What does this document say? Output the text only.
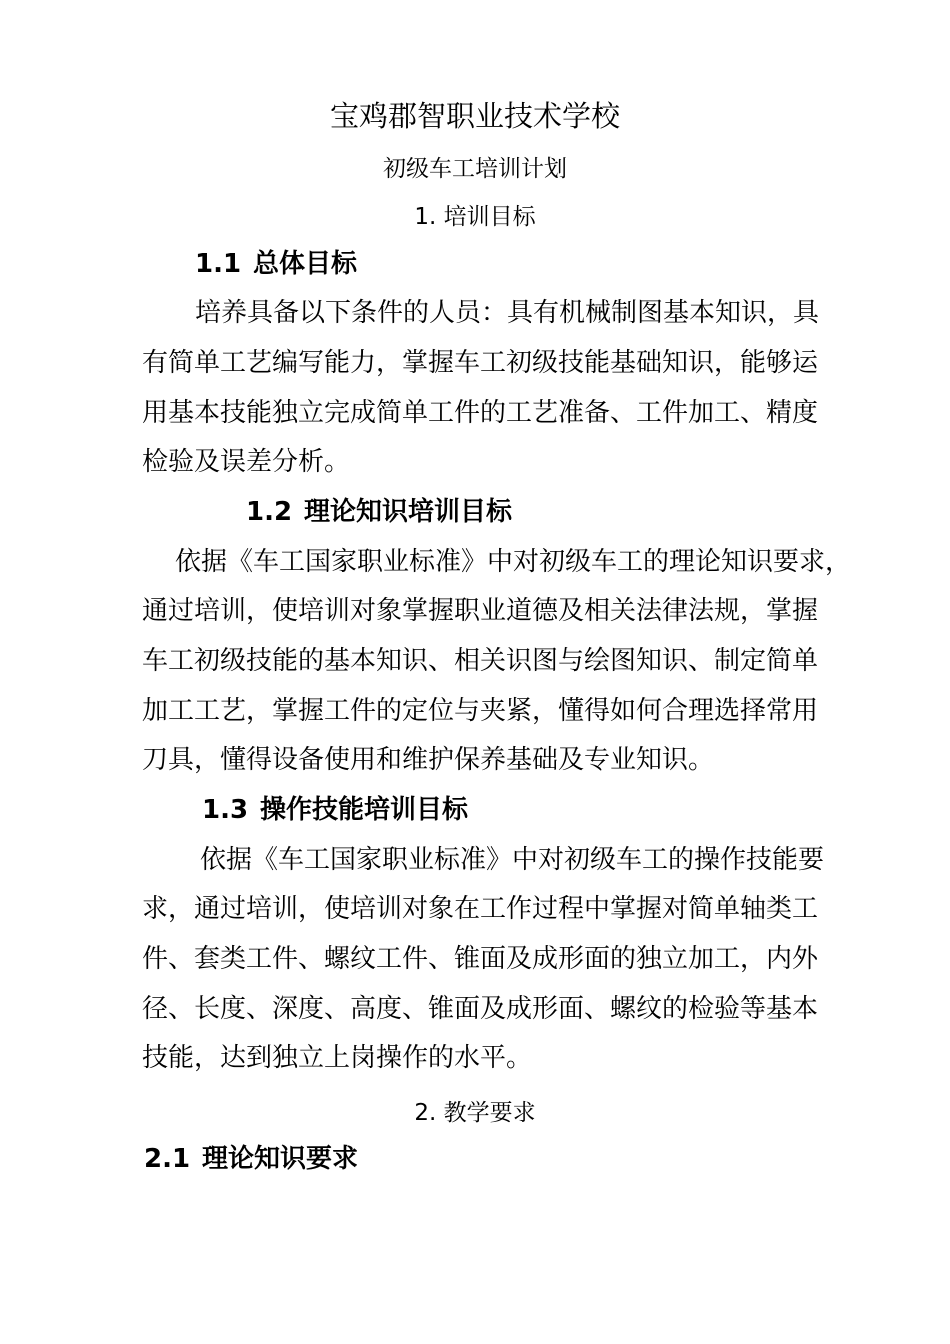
宝鸡郡智职业技术学校
初级车工培训计划
1. 培训目标
1.1 总体目标
培养具备以下条件的人员：具有机械制图基本知识，具
有简单工艺编写能力，掌握车工初级技能基础知识，能够运
用基本技能独立完成简单工件的工艺准备、工件加工、精度
检验及误差分析。
1.2 理论知识培训目标
依据《车工国家职业标准》中对初级车工的理论知识要求，
通过培训，使培训对象掌握职业道德及相关法律法规，掌握
车工初级技能的基本知识、相关识图与绘图知识、制定简单
加工工艺，掌握工件的定位与夹紧，懂得如何合理选择常用
刀具，懂得设备使用和维护保养基础及专业知识。
1.3 操作技能培训目标
依据《车工国家职业标准》中对初级车工的操作技能要
求，通过培训，使培训对象在工作过程中掌握对简单轴类工
件、套类工件、螺纹工件、锥面及成形面的独立加工，内外
径、长度、深度、高度、锥面及成形面、螺纹的检验等基本
技能，达到独立上岗操作的水平。
2. 教学要求
2.1 理论知识要求
